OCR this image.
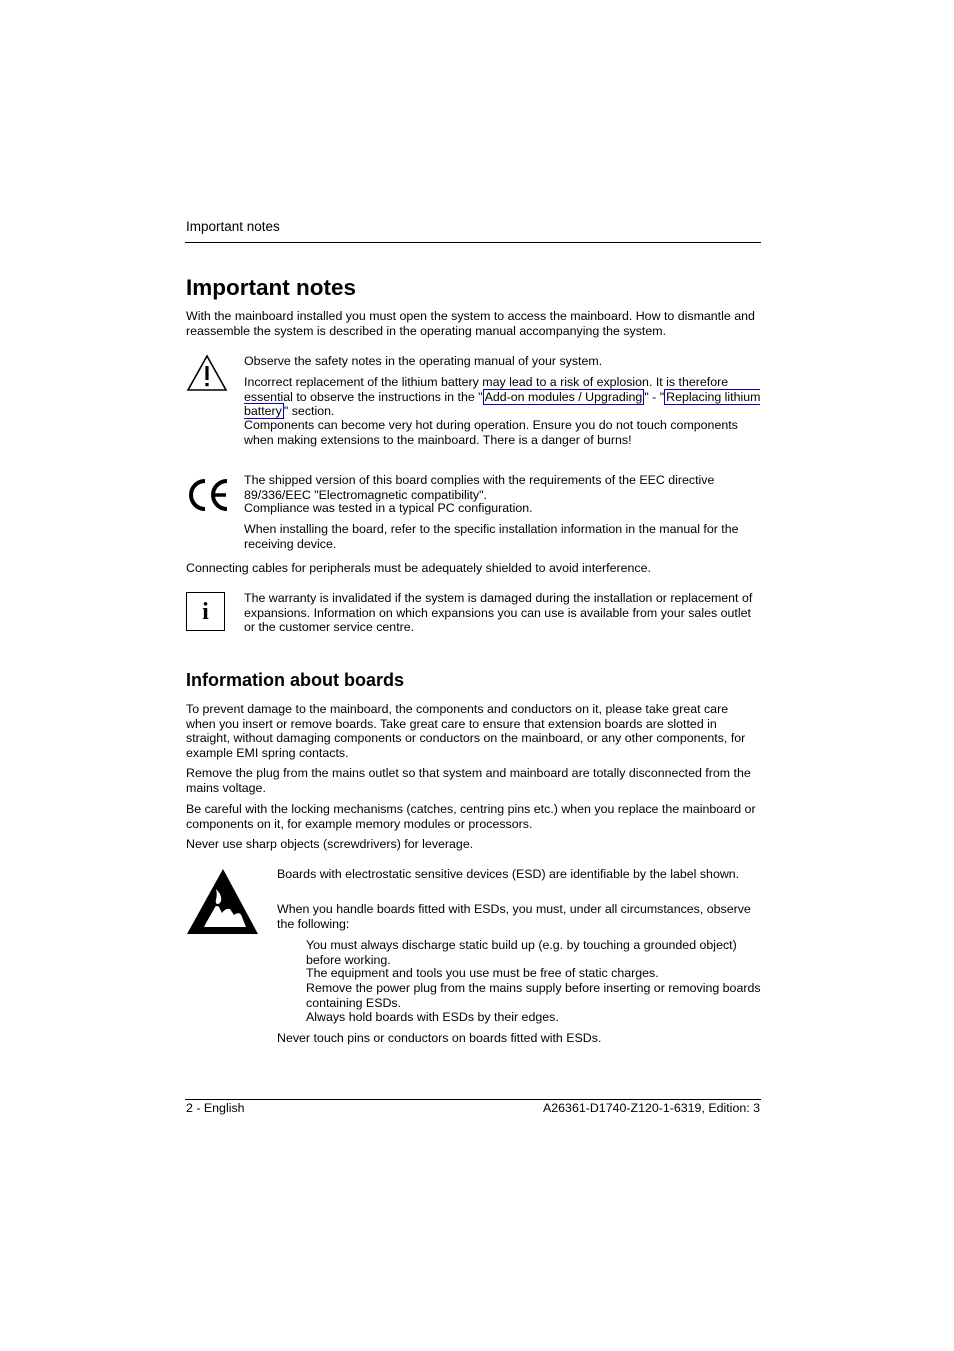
Important notes
Important notes

With the mainboard installed you must open the system to access the mainboard. How to dismantle and reassemble the system is described in the operating manual accompanying the system.

Observe the safety notes in the operating manual of your system.

Incorrect replacement of the lithium battery may lead to a risk of explosion. It is therefore essential to observe the instructions in the " Add-on modules / Upgrading " - " Replacing lithium battery " section.

Components can become very hot during operation. Ensure you do not touch components when making extensions to the mainboard. There is a danger of burns!

The shipped version of this board complies with the requirements of the EEC directive 89/336/EEC "Electromagnetic compatibility".

Compliance was tested in a typical PC configuration.

When installing the board, refer to the specific installation information in the manual for the receiving device.

Connecting cables for peripherals must be adequately shielded to avoid interference.

i

The warranty is invalidated if the system is damaged during the installation or replacement of expansions. Information on which expansions you can use is available from your sales outlet or the customer service centre.

Information about boards

To prevent damage to the mainboard, the components and conductors on it, please take great care when you insert or remove boards. Take great care to ensure that extension boards are slotted in straight, without damaging components or conductors on the mainboard, or any other components, for example EMI spring contacts.

Remove the plug from the mains outlet so that system and mainboard are totally disconnected from the mains voltage.

Be careful with the locking mechanisms (catches, centring pins etc.) when you replace the mainboard or components on it, for example memory modules or processors.

Never use sharp objects (screwdrivers) for leverage.

Boards with electrostatic sensitive devices (ESD) are identifiable by the label shown.

When you handle boards fitted with ESDs, you must, under all circumstances, observe the following:

You must always discharge static build up (e.g. by touching a grounded object) before working.

The equipment and tools you use must be free of static charges.

Remove the power plug from the mains supply before inserting or removing boards containing ESDs.

Always hold boards with ESDs by their edges.

Never touch pins or conductors on boards fitted with ESDs.

2 - English	A26361-D1740-Z120-1-6319, Edition: 3
